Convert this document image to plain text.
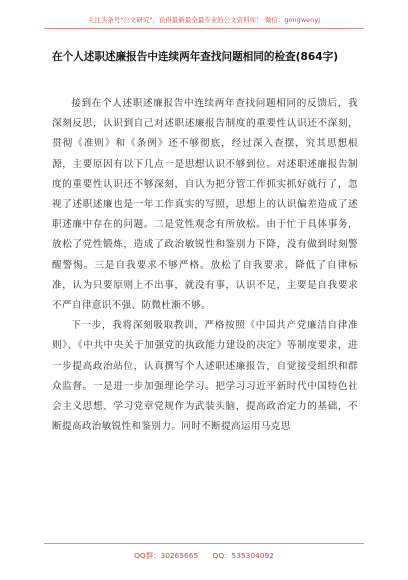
关注头条号"公文研究"，获得最新最全最专业的公文资料库！ 微信：gongwenyj
在个人述职述廉报告中连续两年查找问题相同的检查(864字)

接到在个人述职述廉报告中连续两年查找问题相同的反馈后，我深刻反思，认识到自己对述职述廉报告制度的重要性认识还不深刻，贯彻《准则》和《条例》还不够彻底，经过深入查摆，究其思想根源，主要原因有以下几点一是思想认识不够到位。对述职述廉报告制度的重要性认识还不够深刻，自认为把分管工作抓实抓好就行了，忽视了述职述廉也是一年工作真实的写照，思想上的认识偏差造成了述职述廉中存在的问题。二是党性观念有所放松。由于忙于具体事务，放松了党性锻炼，造成了政治敏锐性和鉴别力下降，没有做到时刻警醒警惕。三是自我要求不够严格。放松了自我要求，降低了自律标准，认为只要原则上不出事，就没有事，认识不足，主要是自我要求不严自律意识不强、防微杜渐不够。

下一步，我将深刻吸取教训，严格按照《中国共产党廉洁自律准则》、《中共中央关于加强党的执政能力建设的决定》等制度要求，进一步提高政治站位，认真撰写个人述职述廉报告，自觉接受组织和群众监督。一是进一步加强理论学习。把学习习近平新时代中国特色社会主义思想、学习党章党规作为武装头脑，提高政治定力的基础，不断提高政治敏锐性和鉴别力。同时不断提高运用马克思

QQ群：30265665 QQ：535304092
